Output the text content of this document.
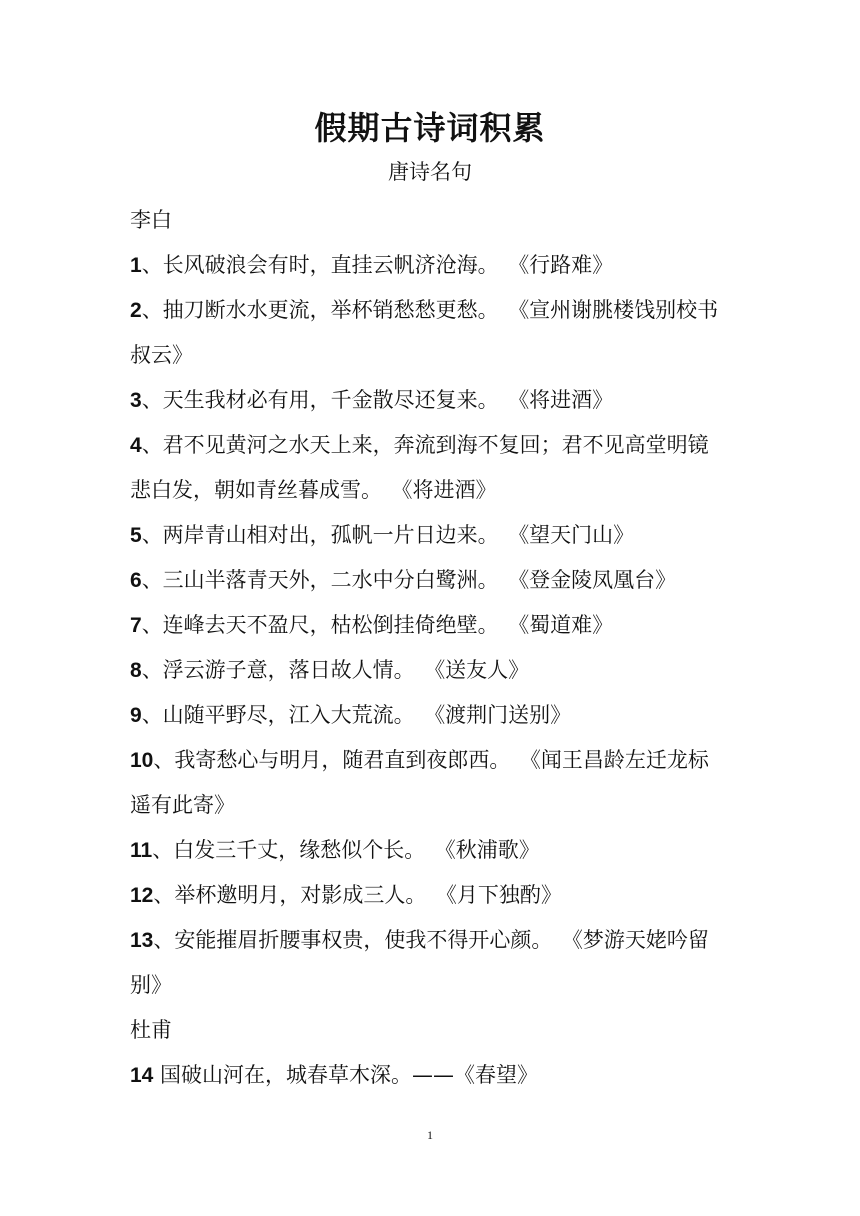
假期古诗词积累
唐诗名句
李白
1、长风破浪会有时，直挂云帆济沧海。 《行路难》
2、抽刀断水水更流，举杯销愁愁更愁。 《宣州谢朓楼饯别校书
叔云》
3、天生我材必有用，千金散尽还复来。 《将进酒》
4、君不见黄河之水天上来，奔流到海不复回；君不见高堂明镜
悲白发，朝如青丝暮成雪。 《将进酒》
5、两岸青山相对出，孤帆一片日边来。 《望天门山》
6、三山半落青天外，二水中分白鹭洲。 《登金陵凤凰台》
7、连峰去天不盈尺，枯松倒挂倚绝壁。 《蜀道难》
8、浮云游子意，落日故人情。 《送友人》
9、山随平野尽，江入大荒流。 《渡荆门送别》
10、我寄愁心与明月，随君直到夜郎西。 《闻王昌龄左迁龙标
遥有此寄》
11、白发三千丈，缘愁似个长。 《秋浦歌》
12、举杯邀明月，对影成三人。 《月下独酌》
13、安能摧眉折腰事权贵，使我不得开心颜。 《梦游天姥吟留
别》
杜甫
14 国破山河在，城春草木深。——《春望》
1
